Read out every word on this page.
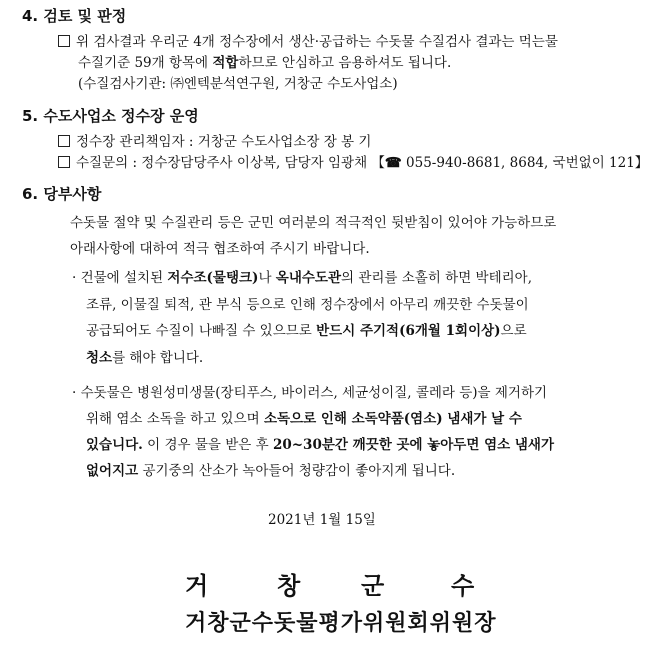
4. 검토 및 판정
위 검사결과 우리군 4개 정수장에서 생산·공급하는 수돗물 수질검사 결과는 먹는물
수질기준 59개 항목에 적합하므로 안심하고 음용하셔도 됩니다.
(수질검사기관: ㈜엔텍분석연구원, 거창군 수도사업소)
5. 수도사업소 정수장 운영
정수장 관리책임자 : 거창군 수도사업소장 장 봉 기
수질문의 : 정수장담당주사 이상복, 담당자 임광채 【☎ 055-940-8681, 8684, 국번없이 121】
6. 당부사항
수돗물 절약 및 수질관리 등은 군민 여러분의 적극적인 뒷받침이 있어야 가능하므로
아래사항에 대하여 적극 협조하여 주시기 바랍니다.
· 건물에 설치된 저수조(물탱크)나 옥내수도관의 관리를 소홀히 하면 박테리아,
조류, 이물질 퇴적, 관 부식 등으로 인해 정수장에서 아무리 깨끗한 수돗물이
공급되어도 수질이 나빠질 수 있으므로 반드시 주기적(6개월 1회이상)으로
청소를 해야 합니다.
· 수돗물은 병원성미생물(장티푸스, 바이러스, 세균성이질, 콜레라 등)을 제거하기
위해 염소 소독을 하고 있으며 소독으로 인해 소독약품(염소) 냄새가 날 수
있습니다. 이 경우 물을 받은 후 20~30분간 깨끗한 곳에 놓아두면 염소 냄새가
없어지고 공기중의 산소가 녹아들어 청량감이 좋아지게 됩니다.
2021년 1월 15일
거	창	군	수
거창군수돗물평가위원회위원장
